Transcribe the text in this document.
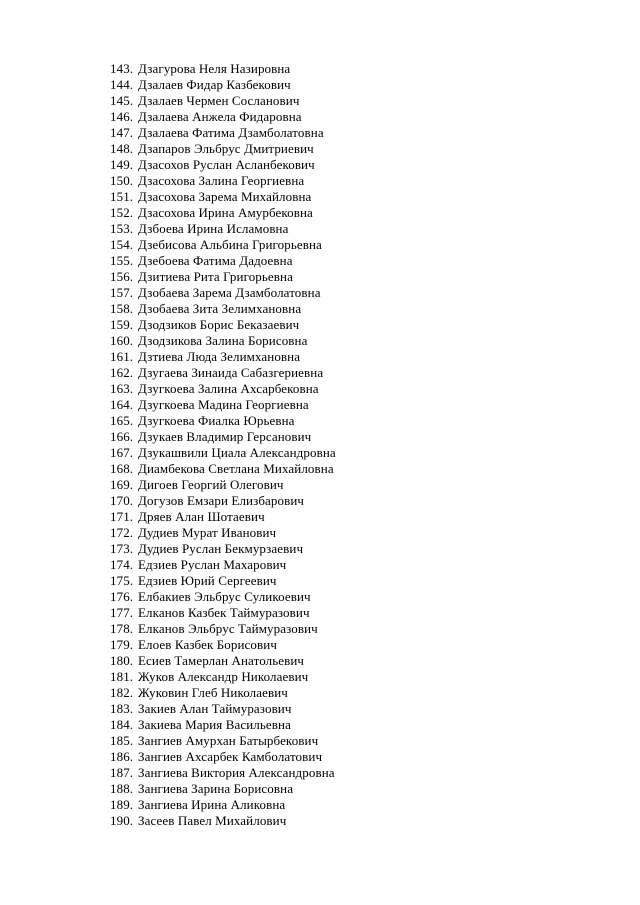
143. Дзагурова Неля Назировна
144. Дзалаев Фидар Казбекович
145. Дзалаев Чермен Сосланович
146. Дзалаева Анжела Фидаровна
147. Дзалаева Фатима Дзамболатовна
148. Дзапаров Эльбрус Дмитриевич
149. Дзасохов Руслан Асланбекович
150. Дзасохова Залина Георгиевна
151. Дзасохова Зарема Михайловна
152. Дзасохова Ирина Амурбековна
153. Дзбоева Ирина Исламовна
154. Дзебисова Альбина Григорьевна
155. Дзебоева Фатима Дадоевна
156. Дзитиева Рита Григорьевна
157. Дзобаева Зарема Дзамболатовна
158. Дзобаева Зита Зелимхановна
159. Дзодзиков Борис Беказаевич
160. Дзодзикова Залина Борисовна
161. Дзтиева Люда Зелимхановна
162. Дзугаева Зинаида Сабазгериевна
163. Дзугкоева Залина Ахсарбековна
164. Дзугкоева Мадина Георгиевна
165. Дзугкоева Фиалка Юрьевна
166. Дзукаев Владимир Герсанович
167. Дзукашвили Циала Александровна
168. Диамбекова Светлана Михайловна
169. Дигоев Георгий Олегович
170. Догузов Емзари Елизбарович
171. Дряев Алан Шотаевич
172. Дудиев Мурат Иванович
173. Дудиев Руслан Бекмурзаевич
174. Едзиев Руслан Махарович
175. Едзиев Юрий Сергеевич
176. Елбакиев Эльбрус Суликоевич
177. Елканов Казбек Таймуразович
178. Елканов Эльбрус Таймуразович
179. Елоев Казбек Борисович
180. Есиев Тамерлан Анатольевич
181. Жуков Александр Николаевич
182. Жуковин Глеб Николаевич
183. Закиев Алан Таймуразович
184. Закиева Мария Васильевна
185. Зангиев Амурхан Батырбекович
186. Зангиев Ахсарбек Камболатович
187. Зангиева Виктория Александровна
188. Зангиева Зарина Борисовна
189. Зангиева Ирина Аликовна
190. Засеев Павел Михайлович
